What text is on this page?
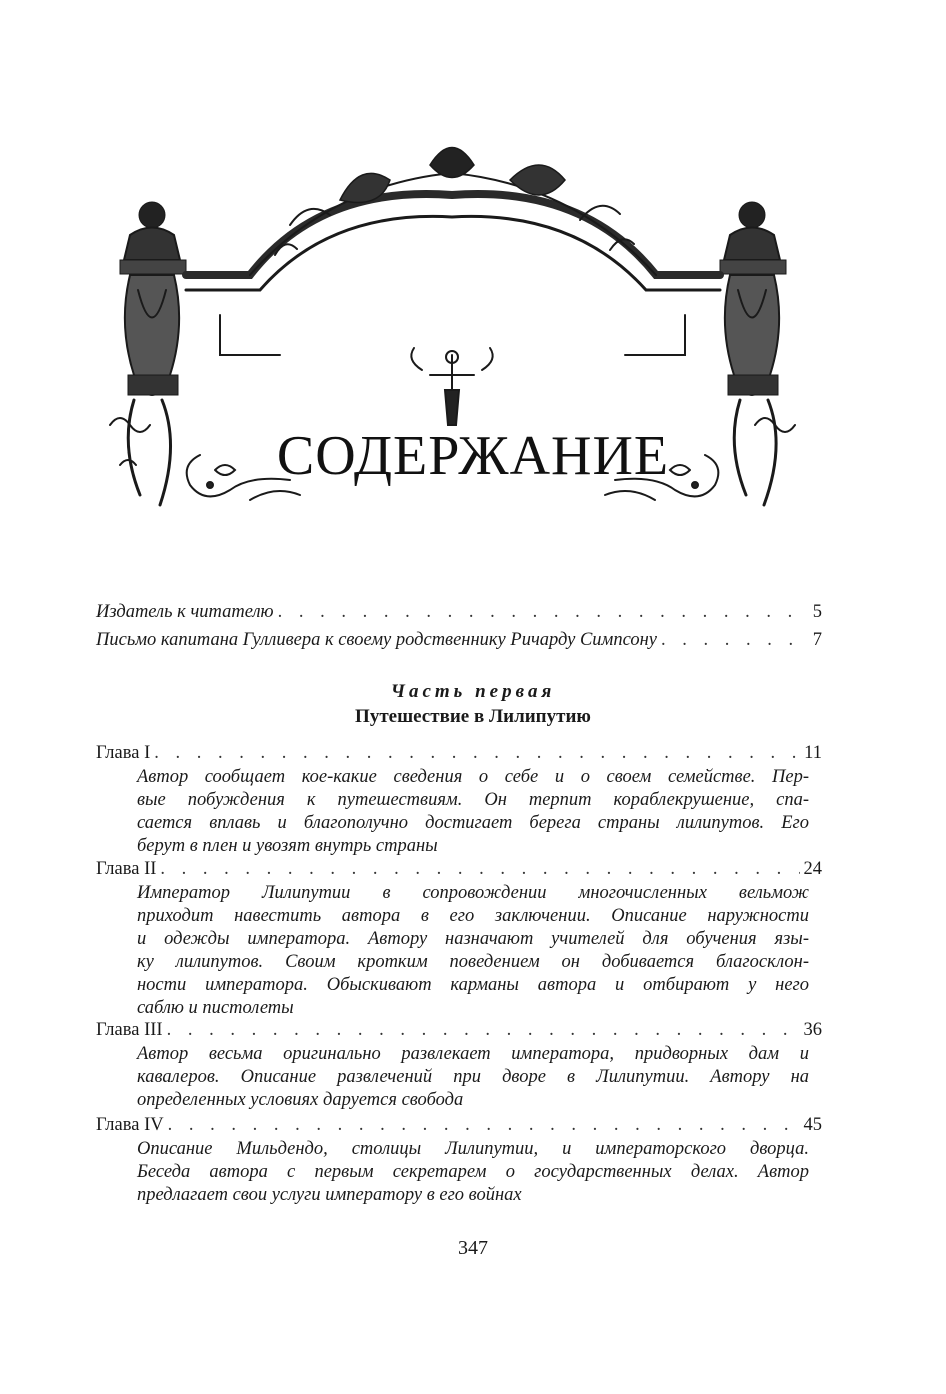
СОДЕРЖАНИЕ
Издатель к читателю . . .	5
Письмо капитана Гулливера к своему родственнику Ричарду Симпсону . . .	7
Часть первая
Путешествие в Лилипутию
Глава I . . .	11
Автор сообщает кое-какие сведения о себе и о своем семействе. Пер-
вые побуждения к путешествиям. Он терпит кораблекрушение, спа-
сается вплавь и благополучно достигает берега страны лилипутов. Его
берут в плен и увозят внутрь страны
Глава II . . .	24
Император Лилипутии в сопровождении многочисленных вельмож
приходит навестить автора в его заключении. Описание наружности
и одежды императора. Автору назначают учителей для обучения язы-
ку лилипутов. Своим кротким поведением он добивается благосклон-
ности императора. Обыскивают карманы автора и отбирают у него
саблю и пистолеты
Глава III . . .	36
Автор весьма оригинально развлекает императора, придворных дам и
кавалеров. Описание развлечений при дворе в Лилипутии. Автору на
определенных условиях даруется свобода
Глава IV . . .	45
Описание Мильдендо, столицы Лилипутии, и императорского дворца.
Беседа автора с первым секретарем о государственных делах. Автор
предлагает свои услуги императору в его войнах
347
